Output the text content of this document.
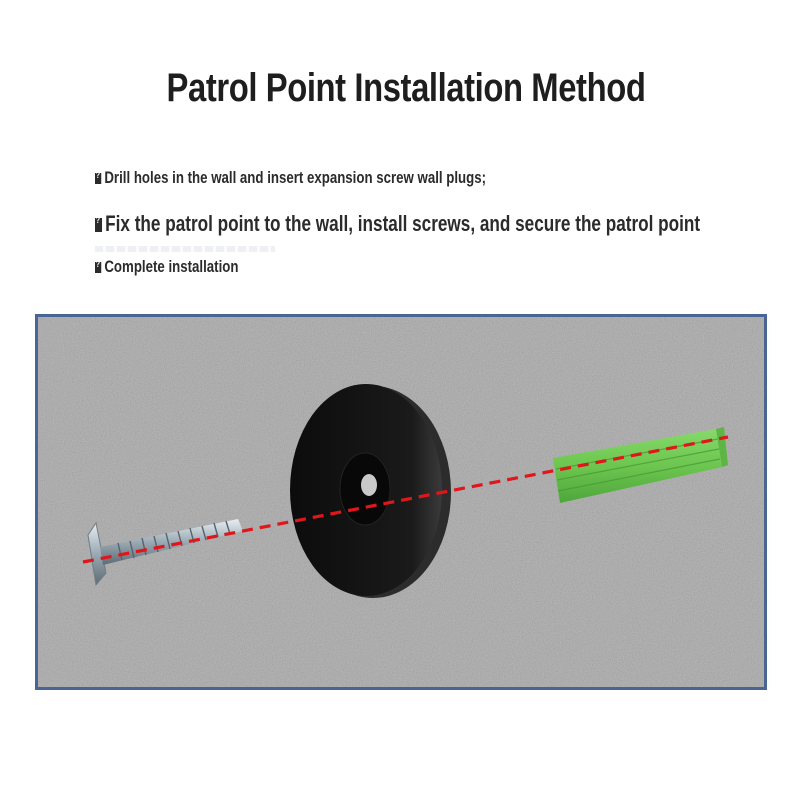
Patrol Point Installation Method
?Drill holes in the wall and insert expansion screw wall plugs;
?Fix the patrol point to the wall, install screws, and secure the patrol point
?Complete installation
